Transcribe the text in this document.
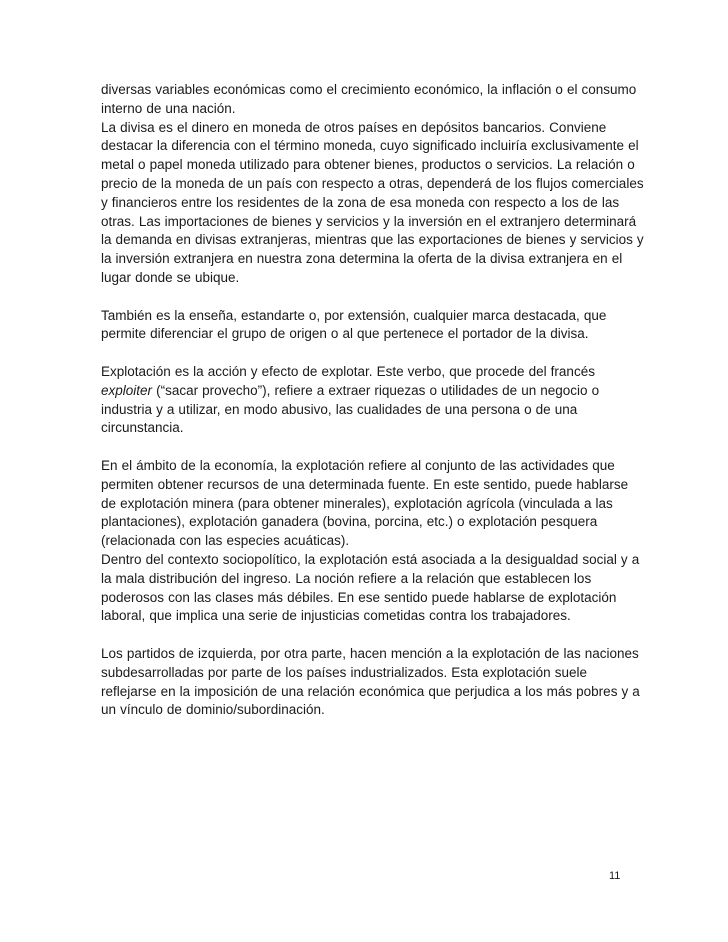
diversas variables económicas como el crecimiento económico, la inflación o el consumo interno de una nación.

La divisa es el dinero en moneda de otros países en depósitos bancarios. Conviene destacar la diferencia con el término moneda, cuyo significado incluiría exclusivamente el metal o papel moneda utilizado para obtener bienes, productos o servicios. La relación o precio de la moneda de un país con respecto a otras, dependerá de los flujos comerciales y financieros entre los residentes de la zona de esa moneda con respecto a los de las otras. Las importaciones de bienes y servicios y la inversión en el extranjero determinará la demanda en divisas extranjeras, mientras que las exportaciones de bienes y servicios y la inversión extranjera en nuestra zona determina la oferta de la divisa extranjera en el lugar donde se ubique.

También es la enseña, estandarte o, por extensión, cualquier marca destacada, que permite diferenciar el grupo de origen o al que pertenece el portador de la divisa.

Explotación es la acción y efecto de explotar. Este verbo, que procede del francés exploiter (“sacar provecho”), refiere a extraer riquezas o utilidades de un negocio o industria y a utilizar, en modo abusivo, las cualidades de una persona o de una circunstancia.

En el ámbito de la economía, la explotación refiere al conjunto de las actividades que permiten obtener recursos de una determinada fuente. En este sentido, puede hablarse de explotación minera (para obtener minerales), explotación agrícola (vinculada a las plantaciones), explotación ganadera (bovina, porcina, etc.) o explotación pesquera (relacionada con las especies acuáticas).

Dentro del contexto sociopolítico, la explotación está asociada a la desigualdad social y a la mala distribución del ingreso. La noción refiere a la relación que establecen los poderosos con las clases más débiles. En ese sentido puede hablarse de explotación laboral, que implica una serie de injusticias cometidas contra los trabajadores.

Los partidos de izquierda, por otra parte, hacen mención a la explotación de las naciones subdesarrolladas por parte de los países industrializados. Esta explotación suele reflejarse en la imposición de una relación económica que perjudica a los más pobres y a un vínculo de dominio/subordinación.

11
